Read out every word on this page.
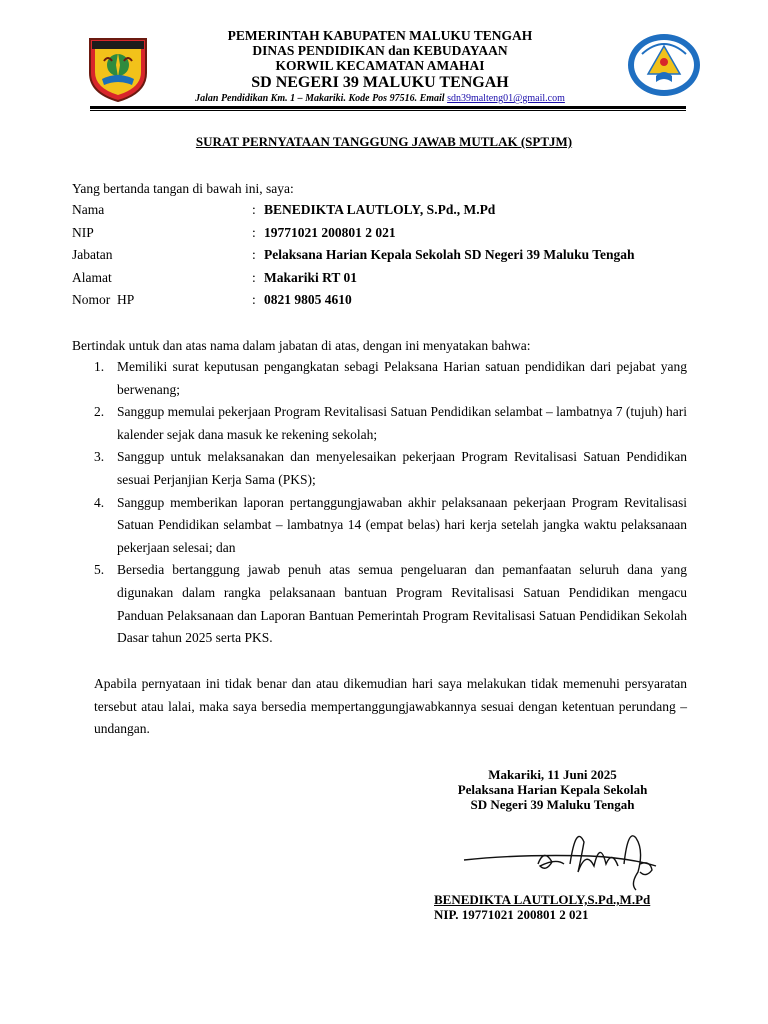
PEMERINTAH KABUPATEN MALUKU TENGAH
DINAS PENDIDIKAN dan KEBUDAYAAN
KORWIL KECAMATAN AMAHAI
SD NEGERI 39 MALUKU TENGAH
Jalan Pendidikan Km. 1 – Makariki. Kode Pos 97516. Email sdn39malteng01@gmail.com
SURAT PERNYATAAN TANGGUNG JAWAB MUTLAK (SPTJM)
Yang bertanda tangan di bawah ini, saya:
Nama	: BENEDIKTA LAUTLOLY, S.Pd., M.Pd
NIP	: 19771021 200801 2 021
Jabatan	: Pelaksana Harian Kepala Sekolah SD Negeri 39 Maluku Tengah
Alamat	: Makariki RT 01
Nomor  HP	: 0821 9805 4610
Bertindak untuk dan atas nama dalam jabatan di atas, dengan ini menyatakan bahwa:
1. Memiliki surat keputusan pengangkatan sebagi Pelaksana Harian satuan pendidikan dari pejabat yang berwenang;
2. Sanggup memulai pekerjaan Program Revitalisasi Satuan Pendidikan selambat – lambatnya 7 (tujuh) hari kalender sejak dana masuk ke rekening sekolah;
3. Sanggup untuk melaksanakan dan menyelesaikan pekerjaan Program Revitalisasi Satuan Pendidikan sesuai Perjanjian Kerja Sama (PKS);
4. Sanggup memberikan laporan pertanggungjawaban akhir pelaksanaan pekerjaan Program Revitalisasi Satuan Pendidikan selambat – lambatnya 14 (empat belas) hari kerja setelah jangka waktu pelaksanaan pekerjaan selesai; dan
5. Bersedia bertanggung jawab penuh atas semua pengeluaran dan pemanfaatan seluruh dana yang digunakan dalam rangka pelaksanaan bantuan Program Revitalisasi Satuan Pendidikan mengacu Panduan Pelaksanaan dan Laporan Bantuan Pemerintah Program Revitalisasi Satuan Pendidikan Sekolah Dasar tahun 2025 serta PKS.
Apabila pernyataan ini tidak benar dan atau dikemudian hari saya melakukan tidak memenuhi persyaratan tersebut atau lalai, maka saya bersedia mempertanggungjawabkannya sesuai dengan ketentuan perundang – undangan.
Makariki, 11 Juni 2025
Pelaksana Harian Kepala Sekolah
SD Negeri 39 Maluku Tengah
BENEDIKTA LAUTLOLY,S.Pd.,M.Pd
NIP. 19771021 200801 2 021
